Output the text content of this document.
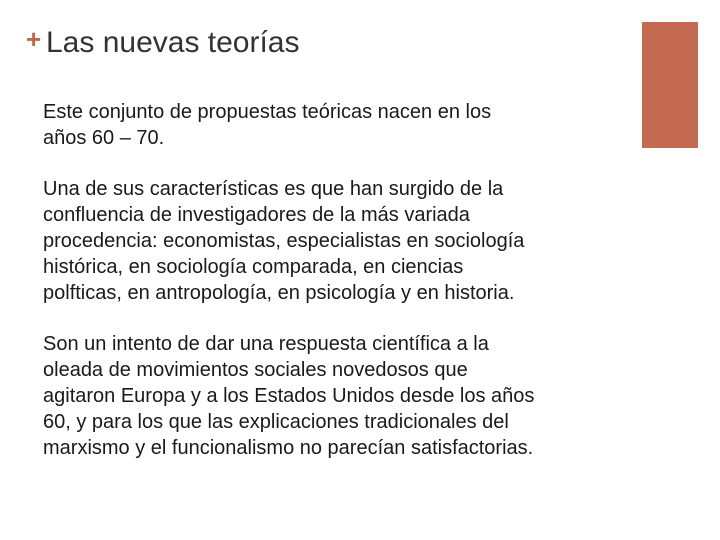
+ Las nuevas teorías

Este conjunto de propuestas teóricas nacen en los
años 60 – 70.

Una de sus características es que han surgido de la
confluencia de investigadores de la más variada
procedencia: economistas, especialistas en sociología
histórica, en sociología comparada, en ciencias
polfticas, en antropología, en psicología y en historia.

Son un intento de dar una respuesta científica a la
oleada de movimientos sociales novedosos que
agitaron Europa y a los Estados Unidos desde los años
60, y para los que las explicaciones tradicionales del
marxismo y el funcionalismo no parecían satisfactorias.
